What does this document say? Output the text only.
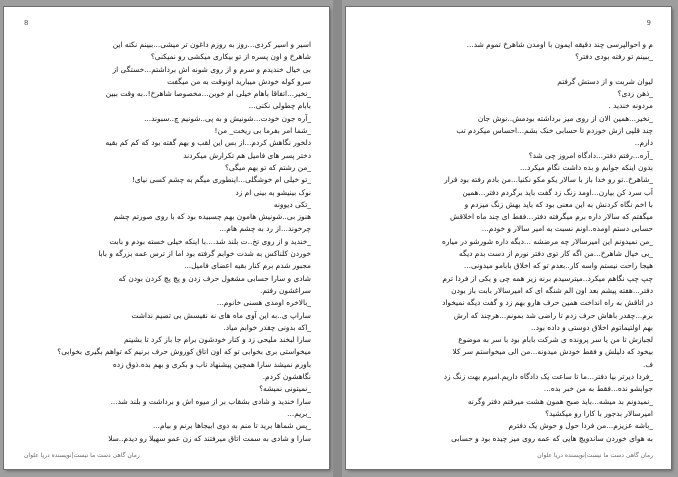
8
اسیر و اسیر کردی...روز به روزم داغون تر میشی...ببینم نکته این
شاهرخ و اون پسره از تو بیکاری میکشی رو نمیکنی؟
بی خیال خندیدم و سرم و از روی شونه اش برداشتم...خستگی از
سرو کوله خودش میبارید اونوقت به من میگفت
_نخیر...اتفاقا باهام خیلی ام خوبن...مخصوصا شاهرخ!..به وقت ببین
بابام چطولی نکنی...
_آره جون خودت...شونیش و به پی..شونیم چ..سبوند...
_شما امر بفرما بی ریخت_ من!
دلخور نگاهش کردم...از بس این لقب و بهم گفته بود که کم کم بقیه
دختر پسر های فامیل هم تکرارش میکردند
_من رشتم که تو بهم میگی؟
_تو خیلی ام خوشگلی...اینطوری میگم به چشم کسی نیای!
نوک بینیشو به بینی ام زد
_تکی دیوونه
هنوز بی..شونیش هامون بهم چسبیده بود که با روی صورتم چشم
چرخوند...از رد به چشم هام...
_خندید و از روی تخ..ت بلند شد....با اینکه خیلی خسته بودم و بابت
خوردن کلناکس به شدت خوابم گرفته بود اما از ترس عمه بزرگه و بابا
مجبور شدم برم کنار بقیه اعضای فامیل...
شادی و سارا حسابی مشغول حرف زدن و پچ پچ کردن بودن که
سراغشون رفتم.
_بالاخره اومدی هسنی خانوم...
ساراپ ی..به این آوی ماه های نه نقیسش بی تصیم نداشت
_اکه بدونی چقدر خوابم میاد.
سارا لبخند ملیحی زد و کنار خودشون برام جا باز کرد تا بشینم
میخواستی بری بخوابی تو که اون اتاق کوروش حرف برنیم که تواهم بگیری بخوابی؟
باورم نمیشد سارا همچین پیشنهاد ناب و بکری و بهم بده.ذوق زده
نگاهشون کردم.
_نمیتونی نمیشه؟
سارا خندید و شادی بشقاب بر از میوه اش و برداشت و بلند شد...
_بریم...
_پس شماها برید تا منم به دوی ابیجاها برنم و بیام...
سارا و شادی به سمت اتاق میرفتند که زن عمو سهیلا رو دیدم..سلا
رمان گاهی دست ما نیست|نویسنده دریا علوان
9
م و احوالپرسی چند دقیقه ایمون با اومدن شاهرخ تموم شد...
_ببینم تو رفته بودی دفتر؟
لیوان شربت و از دستش گرفتم
_ذهن زدی؟
مردونه خندید .
_نخیر...همین الان از روی میز برداشته بودمش..نوش جان
چند قلپی ازش خوردم تا حسابی خنک بشم...احساس میکردم تب
دارم..
_آره...رفتم دفتر...دادگاه امروز چی شد؟
بدون اینکه جوابم و بده داشت نگام میکرد...
_شاهرخ..تو رو خدا باز با سالار یکو مکو نکنیا...من بادم رفته بود قرار
آب سرد کن بیارن...اومد زنگ زد گفت باید برگردم دفتر...همین
با اخم نگاه کردنش به این معنی بود که باید بهش زنگ میزدم و
میگفتم که سالار داره برم میگرفته دفتر...فقط ای چند ماه اخلاقش
حسابی دستم اومده..اونم نسبت به امیر سالار و خودم...
_من نمیدونم این امیرسالار چه مرضشه ...دیگه داره شورشو در میاره
_بی خیال شاهرخ...من اگه کار توی دفتر نورم از دست بدم دیگه
هیجا راحت نیستم واسه کار..بعدم تو که اخلاق بابامو میدونی...
چپ چپ نگاهم میکرد..میترسیدم برنه زیر همه چی و یکی از فردا ترم
دفتر...هفته پیشم بعد اون الم شنگه ای که امیرسالار بابت باز بودن
در اتاقش به راه انداخت همین حرف هارو بهم زد و گفت دیگه نمیخواد
برم...چقدر باهاش حرف زدم تا راضی شد بمونم...هرچند که ارش
بهم اولتیماتوم اخلاق دوستی و داده بود..
لجبازش تا من یا سر پرونده ی شرکت بابام بود با سر به موضوع
بیخود که دلیلش و فقط خودش میدونه...من الی میخواستم سر کلا
ف.
_فردا دیرتر بیا دفتر...ما تا ساعت یک دادگاه داریم.امیرم بهت زنگ زد
جوابشو نده...فقط به من خبر بده...
_نمیدونم بد میشه...باید صبح همون هشت میرفتم دفتر وگرنه
امیرسالار بدجور با کارا رو میکشید؟
_باشه عزیزم...من فردا حول و حوش یک دفترم
به هوای خوردن ساندویچ هایی که عمه روی میز چیده بود و حسابی
رمان گاهی دست ما نیست|نویسنده دریا علوان
